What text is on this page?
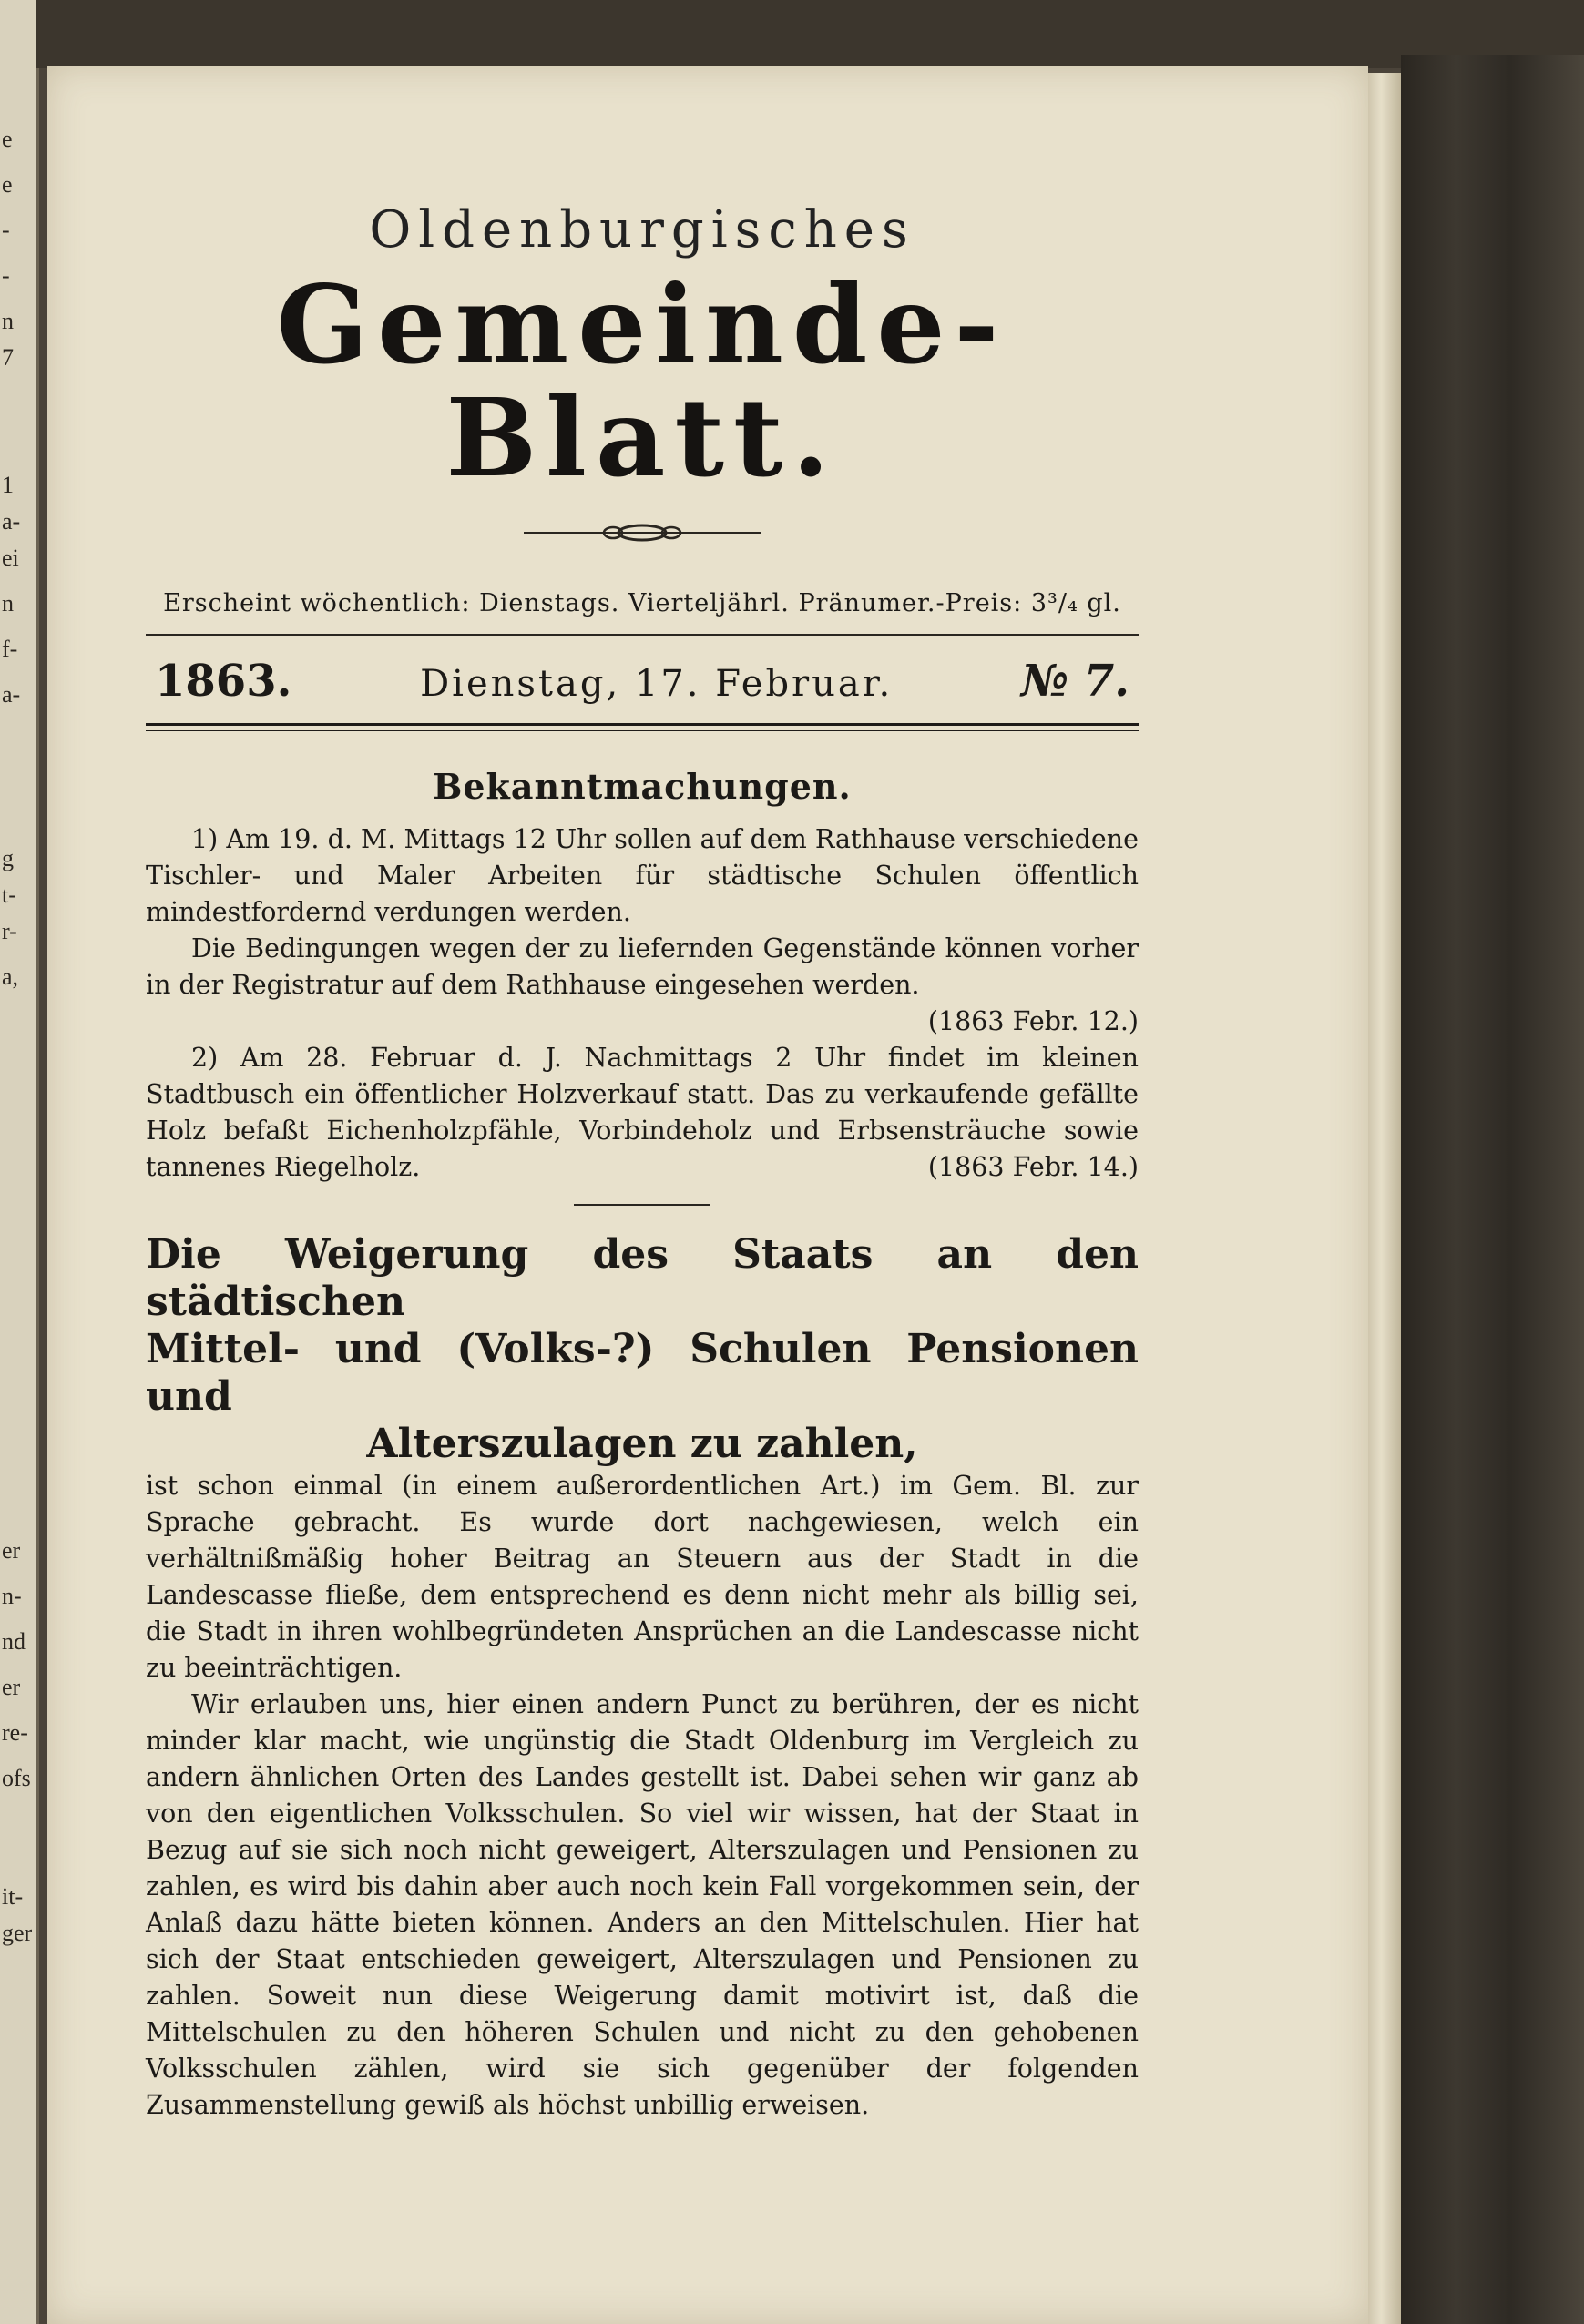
e
e
-
-
n
7
1
a-
ei
n
f-
a-
g
t-
r-
a,
er
n-
nd
er
re-
ofs
it-
ger
Oldenburgisches
Gemeinde-Blatt.
Erscheint wöchentlich: Dienstags. Vierteljährl. Pränumer.-Preis: 3³/₄ gl.
1863.	Dienstag, 17. Februar.	№ 7.
Bekanntmachungen.

1) Am 19. d. M. Mittags 12 Uhr sollen auf dem Rathhause verschiedene Tischler- und Maler Arbeiten für städtische Schulen öffentlich mindestfordernd verdungen werden.

Die Bedingungen wegen der zu liefernden Gegenstände können vorher in der Registratur auf dem Rathhause eingesehen werden.
(1863 Febr. 12.)

2) Am 28. Februar d. J. Nachmittags 2 Uhr findet im kleinen Stadtbusch ein öffentlicher Holzverkauf statt. Das zu verkaufende gefällte Holz befaßt Eichenholzpfähle, Vorbindeholz und Erbsensträuche sowie tannenes Riegelholz.	(1863 Febr. 14.)

Die Weigerung des Staats an den städtischen
Mittel- und (Volks-?) Schulen Pensionen und
Alterszulagen zu zahlen,

ist schon einmal (in einem außerordentlichen Art.) im Gem. Bl. zur Sprache gebracht. Es wurde dort nachgewiesen, welch ein verhältnißmäßig hoher Beitrag an Steuern aus der Stadt in die Landescasse fließe, dem entsprechend es denn nicht mehr als billig sei, die Stadt in ihren wohlbegründeten Ansprüchen an die Landescasse nicht zu beeinträchtigen.

Wir erlauben uns, hier einen andern Punct zu berühren, der es nicht minder klar macht, wie ungünstig die Stadt Oldenburg im Vergleich zu andern ähnlichen Orten des Landes gestellt ist. Dabei sehen wir ganz ab von den eigentlichen Volksschulen. So viel wir wissen, hat der Staat in Bezug auf sie sich noch nicht geweigert, Alterszulagen und Pensionen zu zahlen, es wird bis dahin aber auch noch kein Fall vorgekommen sein, der Anlaß dazu hätte bieten können. Anders an den Mittelschulen. Hier hat sich der Staat entschieden geweigert, Alterszulagen und Pensionen zu zahlen. Soweit nun diese Weigerung damit motivirt ist, daß die Mittelschulen zu den höheren Schulen und nicht zu den gehobenen Volksschulen zählen, wird sie sich gegenüber der folgenden Zusammenstellung gewiß als höchst unbillig erweisen.
